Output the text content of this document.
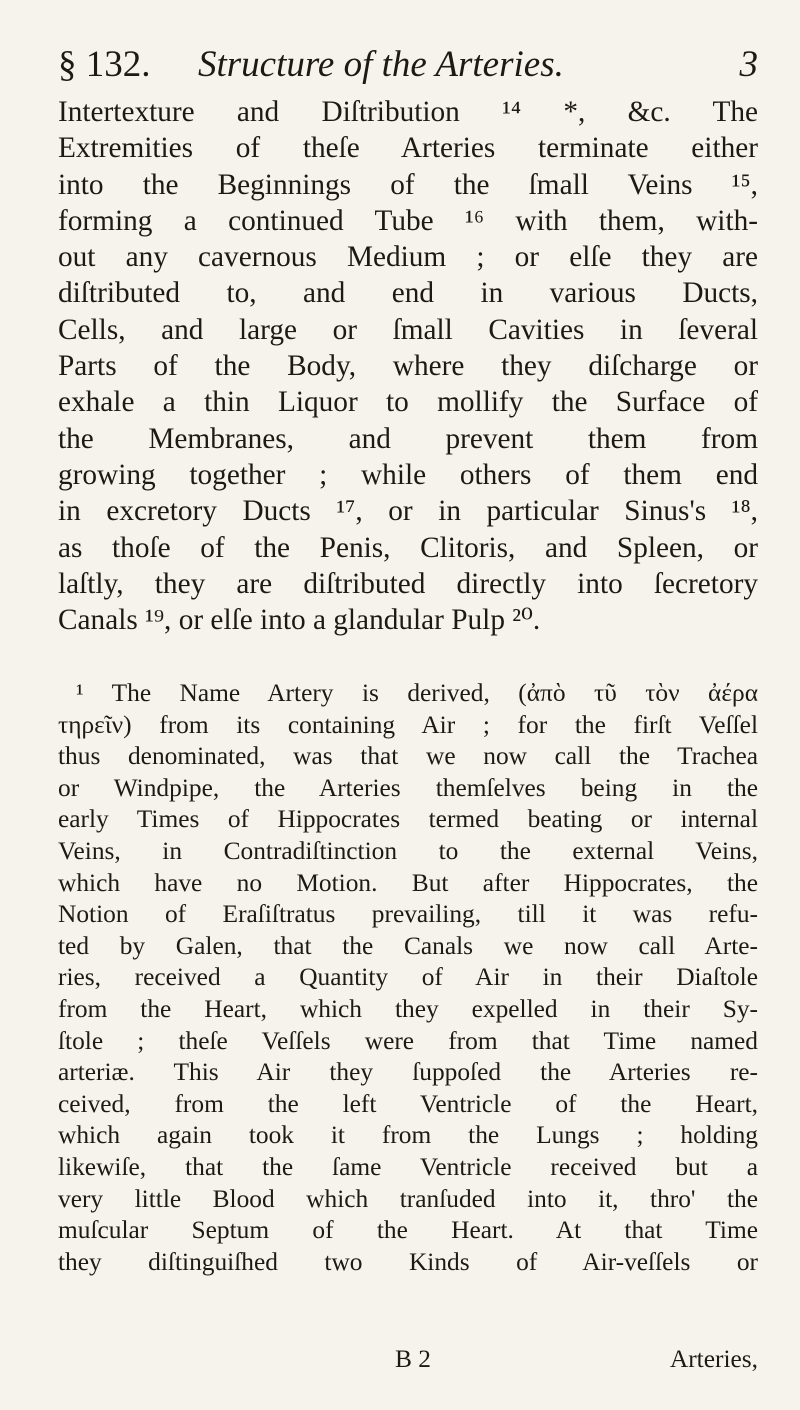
§ 132. Structure of the Arteries.	3
Intertexture and Diſtribution ¹⁴ *, &c. The
Extremities of theſe Arteries terminate either
into the Beginnings of the ſmall Veins ¹⁵,
forming a continued Tube ¹⁶ with them, with-
out any cavernous Medium ; or elſe they are
diſtributed to, and end in various Ducts,
Cells, and large or ſmall Cavities in ſeveral
Parts of the Body, where they diſcharge or
exhale a thin Liquor to mollify the Surface of
the Membranes, and prevent them from
growing together ; while others of them end
in excretory Ducts ¹⁷, or in particular Sinus's ¹⁸,
as thoſe of the Penis, Clitoris, and Spleen, or
laſtly, they are diſtributed directly into ſecretory
Canals ¹⁹, or elſe into a glandular Pulp ²⁰.
¹ The Name Artery is derived, (ἀπὸ τῦ τὸν ἀέρα
τηρεῖν) from its containing Air ; for the firſt Veſſel
thus denominated, was that we now call the Trachea
or Windpipe, the Arteries themſelves being in the
early Times of Hippocrates termed beating or internal
Veins, in Contradiſtinction to the external Veins,
which have no Motion. But after Hippocrates, the
Notion of Eraſiſtratus prevailing, till it was refu-
ted by Galen, that the Canals we now call Arte-
ries, received a Quantity of Air in their Diaſtole
from the Heart, which they expelled in their Sy-
ſtole ; theſe Veſſels were from that Time named
arteriæ. This Air they ſuppoſed the Arteries re-
ceived, from the left Ventricle of the Heart,
which again took it from the Lungs ; holding
likewiſe, that the ſame Ventricle received but a
very little Blood which tranſuded into it, thro' the
muſcular Septum of the Heart. At that Time
they diſtinguiſhed two Kinds of Air-veſſels or
B 2	Arteries,
